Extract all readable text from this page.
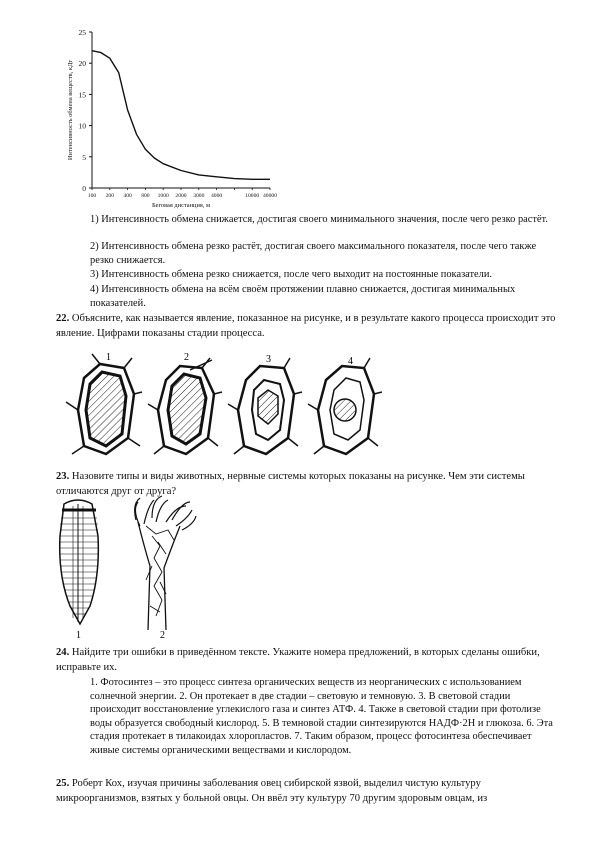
0
5
10
15
20
25
100 200 400 800 1000 2000 3000 4000	10000 40000
Беговая дистанция, м
Интенсивность обмена веществ, кДт
1) Интенсивность обмена снижается, достигая своего минимального значения, после чего резко растёт.
2) Интенсивность обмена резко растёт, достигая своего максимального показателя, после чего также резко снижается.
3) Интенсивность обмена резко снижается, после чего выходит на постоянные показатели.
4) Интенсивность обмена на всём своём протяжении плавно снижается, достигая минимальных показателей.
22. Объясните, как называется явление, показанное на рисунке, и в результате какого процесса происходит это явление. Цифрами показаны стадии процесса.
1	2	3	4
23. Назовите типы и виды животных, нервные системы которых показаны на рисунке. Чем эти системы отличаются друг от друга?
1	2
24. Найдите три ошибки в приведённом тексте. Укажите номера предложений, в которых сделаны ошибки, исправьте их.
1. Фотосинтез – это процесс синтеза органических веществ из неорганических с использованием солнечной энергии. 2. Он протекает в две стадии – световую и темновую. 3. В световой стадии происходит восстановление углекислого газа и синтез АТФ. 4. Также в световой стадии при фотолизе воды образуется свободный кислород. 5. В темновой стадии синтезируются НАДФ·2Н и глюкоза. 6. Эта стадия протекает в тилакоидах хлоропластов. 7. Таким образом, процесс фотосинтеза обеспечивает живые системы органическими веществами и кислородом.
25. Роберт Кох, изучая причины заболевания овец сибирской язвой, выделил чистую культуру микроорганизмов, взятых у больной овцы. Он ввёл эту культуру 70 другим здоровым овцам, из
